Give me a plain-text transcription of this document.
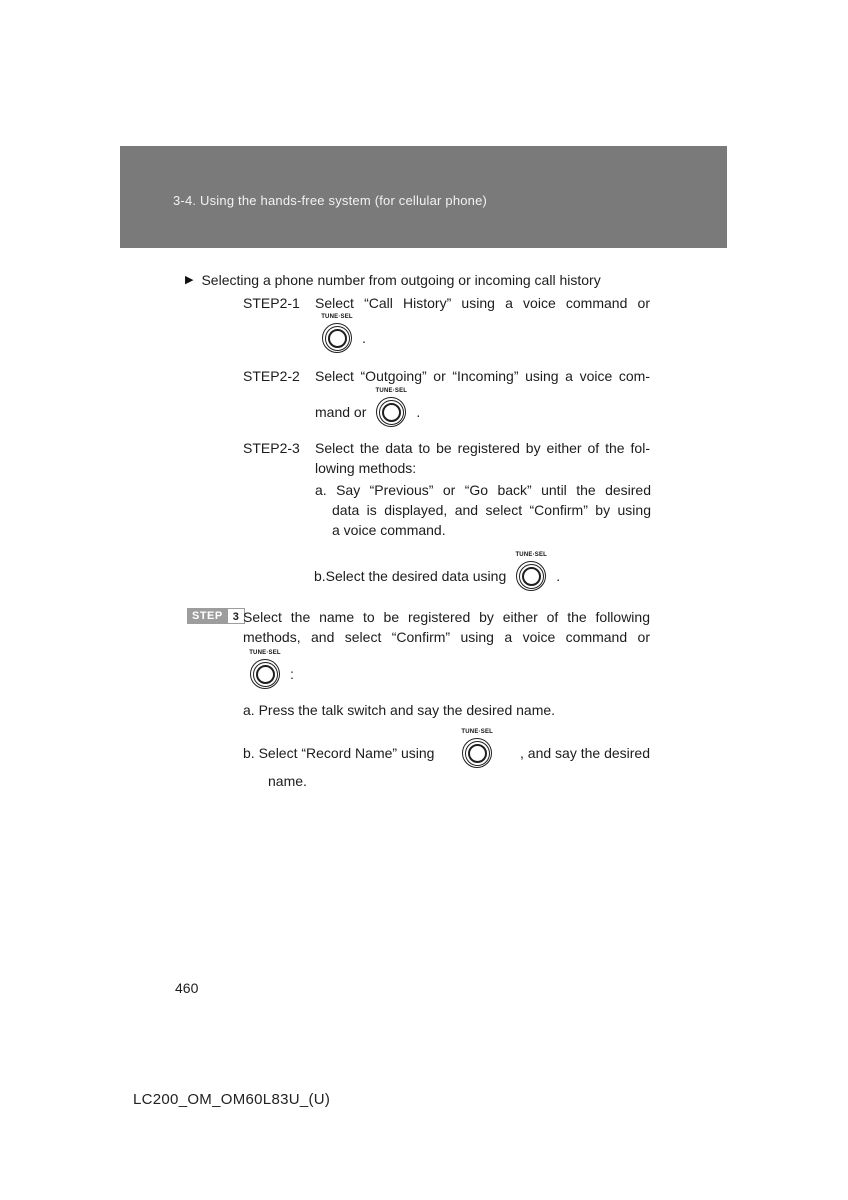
3-4. Using the hands-free system (for cellular phone)
▶ Selecting a phone number from outgoing or incoming call history
STEP2-1 Select “Call History” using a voice command or
TUNE·SEL
.
STEP2-2 Select “Outgoing” or “Incoming” using a voice com-
mand or
TUNE·SEL
.
STEP2-3 Select the data to be registered by either of the fol-
lowing methods:
a. Say “Previous” or “Go back” until the desired
data is displayed, and select “Confirm” by using
a voice command.
b.Select the desired data using
TUNE·SEL
.
STEP 3 Select the name to be registered by either of the following
methods, and select “Confirm” using a voice command or
TUNE·SEL
:
a. Press the talk switch and say the desired name.
b. Select “Record Name” using
TUNE·SEL
, and say the desired
name.
460
LC200_OM_OM60L83U_(U)
